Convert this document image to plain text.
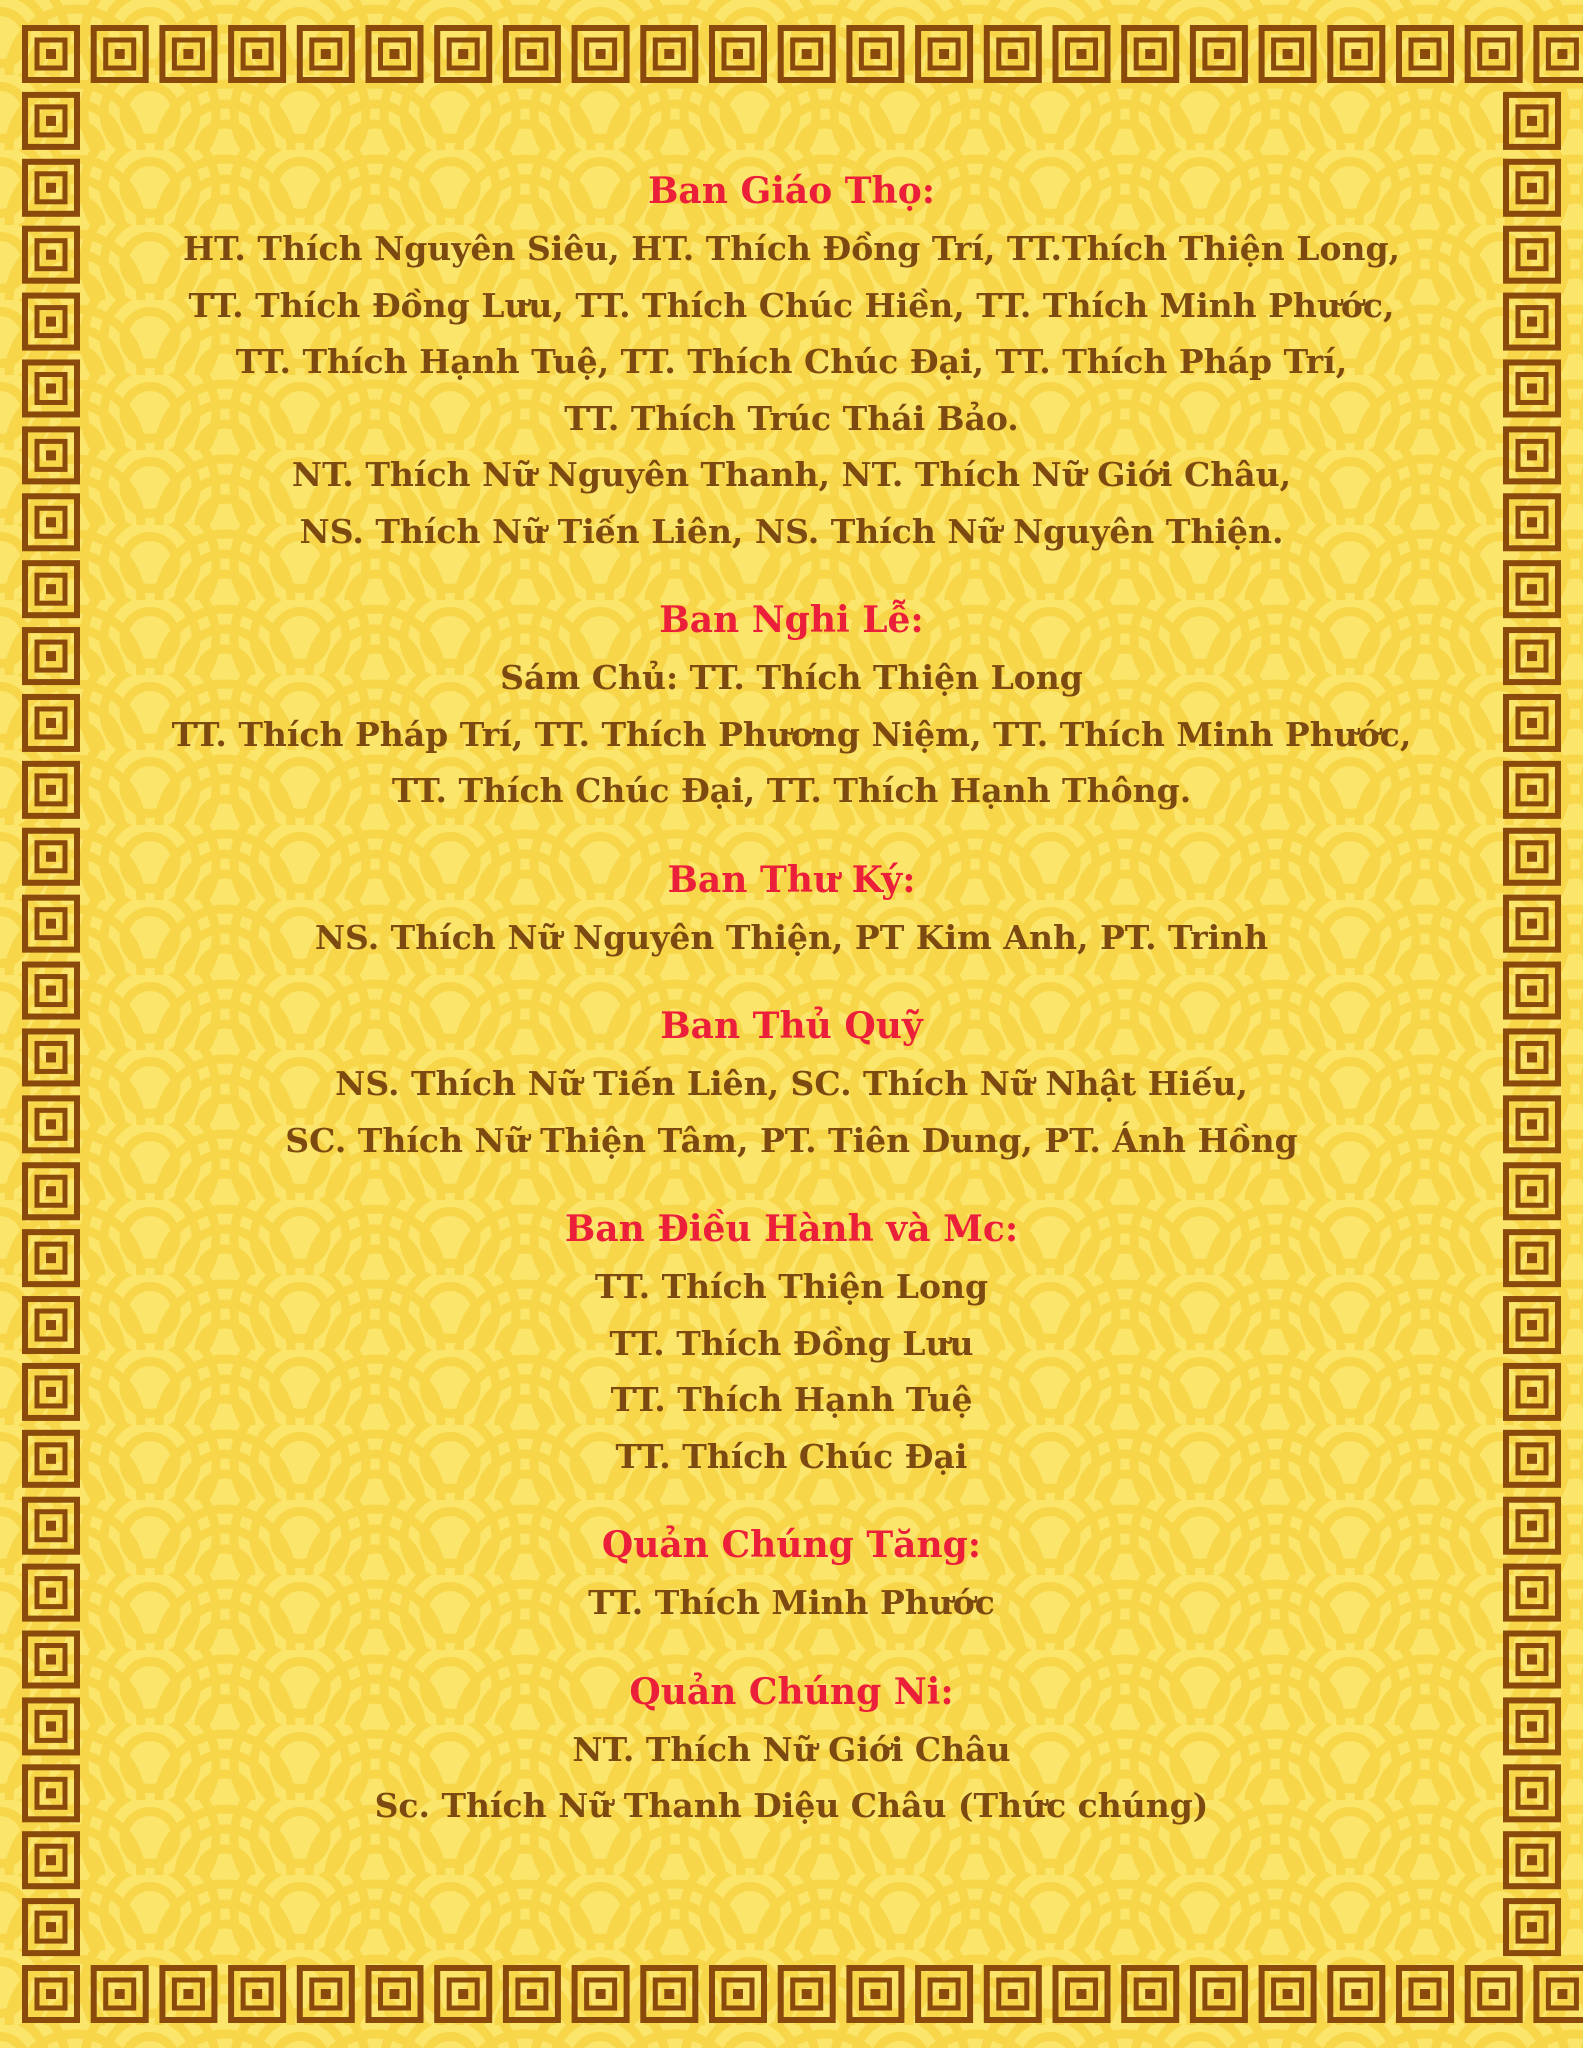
Ban Giáo Thọ:
HT. Thích Nguyên Siêu, HT. Thích Đồng Trí, TT.Thích Thiện Long,
TT. Thích Đồng Lưu, TT. Thích Chúc Hiền, TT. Thích Minh Phước,
TT. Thích Hạnh Tuệ, TT. Thích Chúc Đại, TT. Thích Pháp Trí,
TT. Thích Trúc Thái Bảo.
NT. Thích Nữ Nguyên Thanh, NT. Thích Nữ Giới Châu,
NS. Thích Nữ Tiến Liên, NS. Thích Nữ Nguyên Thiện.
Ban Nghi Lễ:
Sám Chủ: TT. Thích Thiện Long
TT. Thích Pháp Trí, TT. Thích Phương Niệm, TT. Thích Minh Phước,
TT. Thích Chúc Đại, TT. Thích Hạnh Thông.
Ban Thư Ký:
NS. Thích Nữ Nguyên Thiện, PT Kim Anh, PT. Trinh
Ban Thủ Quỹ
NS. Thích Nữ Tiến Liên, SC. Thích Nữ Nhật Hiếu,
SC. Thích Nữ Thiện Tâm, PT. Tiên Dung, PT. Ánh Hồng
Ban Điều Hành và Mc:
TT. Thích Thiện Long
TT. Thích Đồng Lưu
TT. Thích Hạnh Tuệ
TT. Thích Chúc Đại
Quản Chúng Tăng:
TT. Thích Minh Phước
Quản Chúng Ni:
NT. Thích Nữ Giới Châu
Sc. Thích Nữ Thanh Diệu Châu (Thức chúng)
